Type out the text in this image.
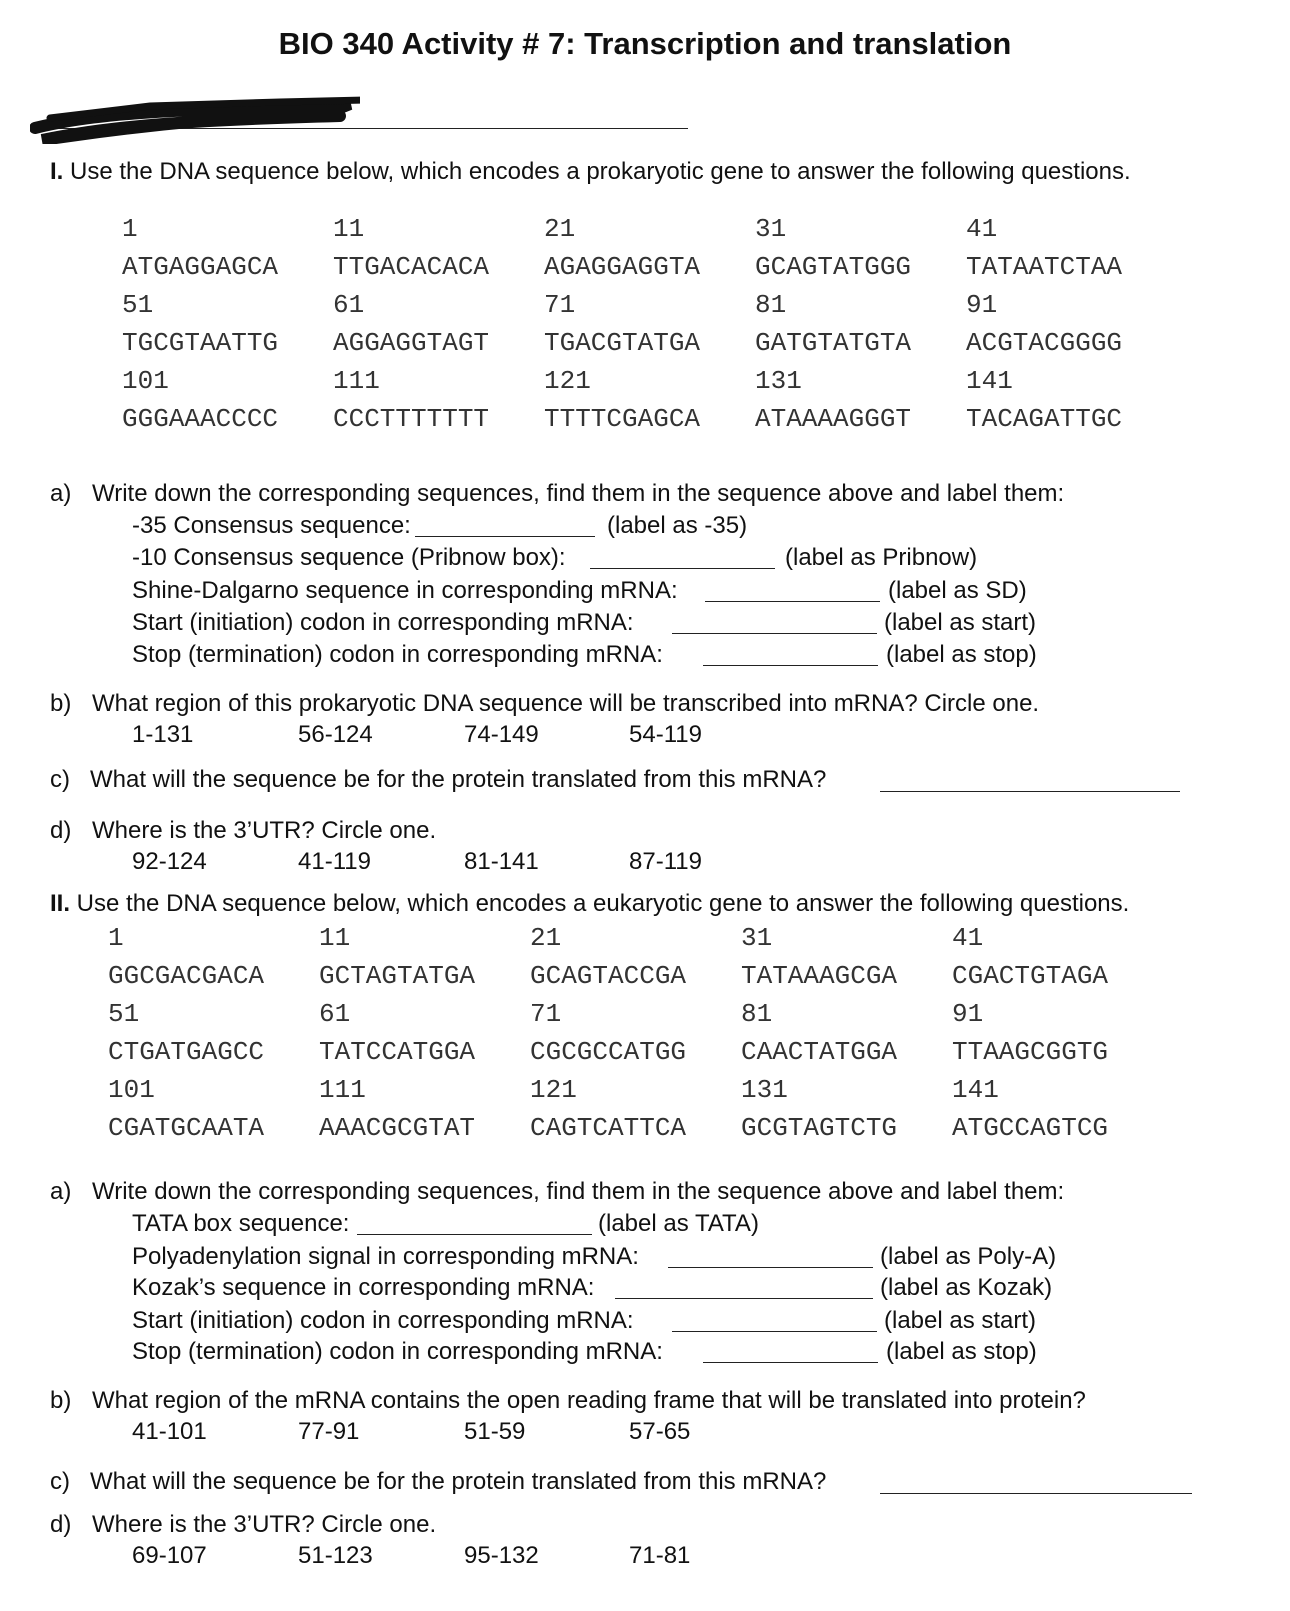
BIO 340 Activity # 7: Transcription and translation
I. Use the DNA sequence below, which encodes a prokaryotic gene to answer the following questions.
1	11	21	31	41
ATGAGGAGCA TTGACACACA AGAGGAGGTA GCAGTATGGG TATAATCTAA
51	61	71	81	91
TGCGTAATTG AGGAGGTAGT TGACGTATGA GATGTATGTA ACGTACGGGG
101	111	121	131	141
GGGAAACCCC CCCTTTTTTT TTTTCGAGCA ATAAAAGGGT TACAGATTGC
a) Write down the corresponding sequences, find them in the sequence above and label them:
-35 Consensus sequence:	(label as -35)
-10 Consensus sequence (Pribnow box):	(label as Pribnow)
Shine-Dalgarno sequence in corresponding mRNA:	(label as SD)
Start (initiation) codon in corresponding mRNA:	(label as start)
Stop (termination) codon in corresponding mRNA:	(label as stop)
b) What region of this prokaryotic DNA sequence will be transcribed into mRNA? Circle one.
1-131	56-124	74-149	54-119
c) What will the sequence be for the protein translated from this mRNA?
d) Where is the 3’UTR? Circle one.
92-124	41-119	81-141	87-119
II. Use the DNA sequence below, which encodes a eukaryotic gene to answer the following questions.
1	11	21	31	41
GGCGACGACA GCTAGTATGA GCAGTACCGA TATAAAGCGA CGACTGTAGA
51	61	71	81	91
CTGATGAGCC TATCCATGGA CGCGCCATGG CAACTATGGA TTAAGCGGTG
101	111	121	131	141
CGATGCAATA AAACGCGTAT CAGTCATTCA GCGTAGTCTG ATGCCAGTCG
a) Write down the corresponding sequences, find them in the sequence above and label them:
TATA box sequence:	(label as TATA)
Polyadenylation signal in corresponding mRNA:	(label as Poly-A)
Kozak’s sequence in corresponding mRNA:	(label as Kozak)
Start (initiation) codon in corresponding mRNA:	(label as start)
Stop (termination) codon in corresponding mRNA:	(label as stop)
b) What region of the mRNA contains the open reading frame that will be translated into protein?
41-101	77-91	51-59	57-65
c) What will the sequence be for the protein translated from this mRNA?
d) Where is the 3’UTR? Circle one.
69-107	51-123	95-132	71-81
